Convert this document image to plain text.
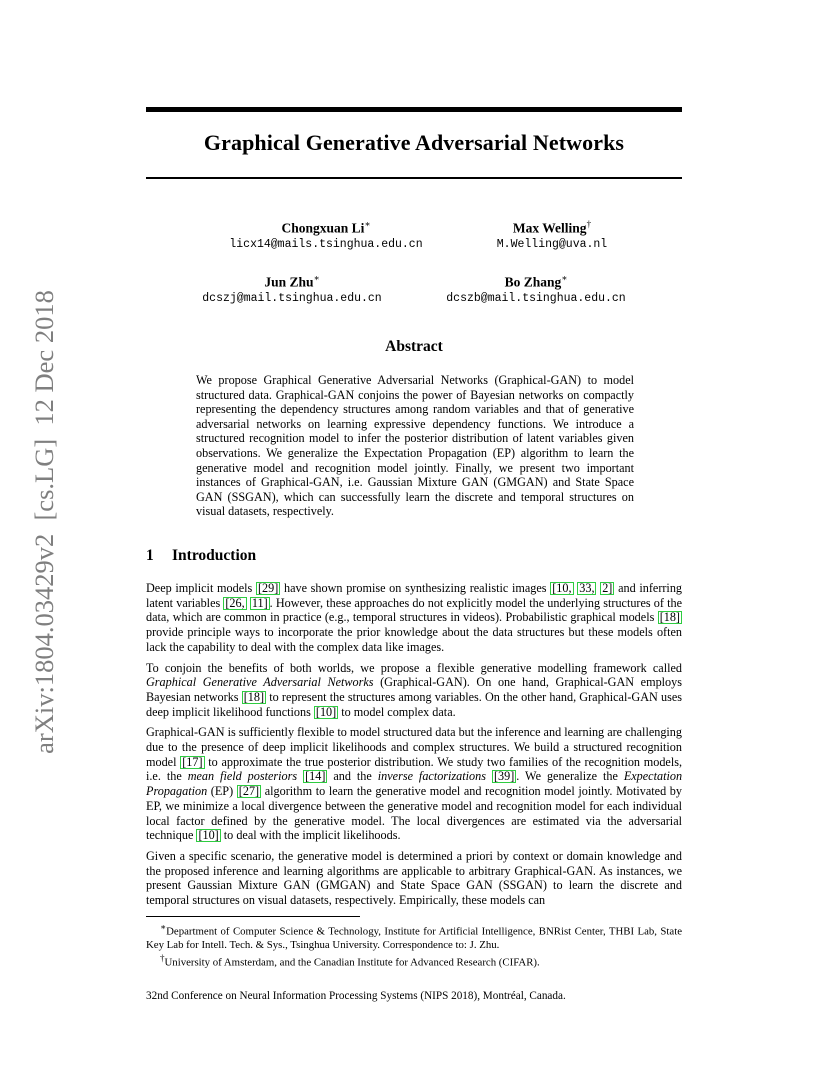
arXiv:1804.03429v2  [cs.LG]  12 Dec 2018
Graphical Generative Adversarial Networks
Chongxuan Li∗
licx14@mails.tsinghua.edu.cn
Max Welling†
M.Welling@uva.nl
Jun Zhu∗
dcszj@mail.tsinghua.edu.cn
Bo Zhang∗
dcszb@mail.tsinghua.edu.cn
Abstract
We propose Graphical Generative Adversarial Networks (Graphical-GAN) to model structured data. Graphical-GAN conjoins the power of Bayesian networks on compactly representing the dependency structures among random variables and that of generative adversarial networks on learning expressive dependency functions. We introduce a structured recognition model to infer the posterior distribution of latent variables given observations. We generalize the Expectation Propagation (EP) algorithm to learn the generative model and recognition model jointly. Finally, we present two important instances of Graphical-GAN, i.e. Gaussian Mixture GAN (GMGAN) and State Space GAN (SSGAN), which can successfully learn the discrete and temporal structures on visual datasets, respectively.
1 Introduction

Deep implicit models [29] have shown promise on synthesizing realistic images [10, 33, 2] and inferring latent variables [26, 11] . However, these approaches do not explicitly model the underlying structures of the data, which are common in practice (e.g., temporal structures in videos). Probabilistic graphical models [18] provide principle ways to incorporate the prior knowledge about the data structures but these models often lack the capability to deal with the complex data like images.

To conjoin the benefits of both worlds, we propose a flexible generative modelling framework called Graphical Generative Adversarial Networks (Graphical-GAN). On one hand, Graphical-GAN employs Bayesian networks [18] to represent the structures among variables. On the other hand, Graphical-GAN uses deep implicit likelihood functions [10] to model complex data.

Graphical-GAN is sufficiently flexible to model structured data but the inference and learning are challenging due to the presence of deep implicit likelihoods and complex structures. We build a structured recognition model [17] to approximate the true posterior distribution. We study two families of the recognition models, i.e. the mean field posteriors [14] and the inverse factorizations [39] . We generalize the Expectation Propagation (EP) [27] algorithm to learn the generative model and recognition model jointly. Motivated by EP, we minimize a local divergence between the generative model and recognition model for each individual local factor defined by the generative model. The local divergences are estimated via the adversarial technique [10] to deal with the implicit likelihoods.

Given a specific scenario, the generative model is determined a priori by context or domain knowledge and the proposed inference and learning algorithms are applicable to arbitrary Graphical-GAN. As instances, we present Gaussian Mixture GAN (GMGAN) and State Space GAN (SSGAN) to learn the discrete and temporal structures on visual datasets, respectively. Empirically, these models can

∗Department of Computer Science & Technology, Institute for Artificial Intelligence, BNRist Center, THBI Lab, State Key Lab for Intell. Tech. & Sys., Tsinghua University. Correspondence to: J. Zhu.

†University of Amsterdam, and the Canadian Institute for Advanced Research (CIFAR).

32nd Conference on Neural Information Processing Systems (NIPS 2018), Montréal, Canada.
